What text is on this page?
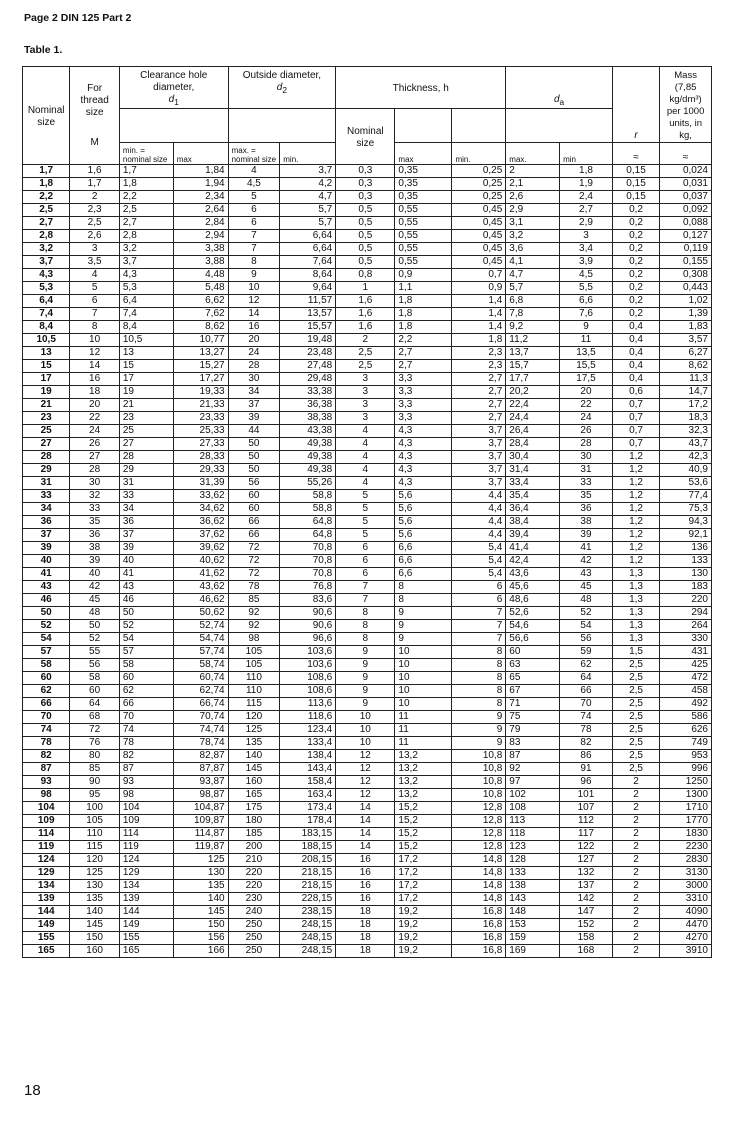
Page 2 DIN 125 Part 2
Table 1.
Nominal size	For thread size
M	Clearance hole diameter,
$d_1$		Outside diameter,
$d_2$		Thickness, h			$d_a$		r	Mass (7,85 kg/dm³) per 1000 units, in kg,
						Nominal size						
		min. = nominal size	max	max. = nominal size	min.		max	min.	max.	min	≈	≈
1,7	1,6	1,7	1,84	4	3,7	0,3	0,35	0,25	2	1,8	0,15	0,024
1,8	1,7	1,8	1,94	4,5	4,2	0,3	0,35	0,25	2,1	1,9	0,15	0,031
2,2	2	2,2	2,34	5	4,7	0,3	0,35	0,25	2,6	2,4	0,15	0,037
2,5	2,3	2,5	2,64	6	5,7	0,5	0,55	0,45	2,9	2,7	0,2	0,092
2,7	2,5	2,7	2,84	6	5,7	0,5	0,55	0,45	3,1	2,9	0,2	0,088
2,8	2,6	2,8	2,94	7	6,64	0,5	0,55	0,45	3,2	3	0,2	0,127
3,2	3	3,2	3,38	7	6,64	0,5	0,55	0,45	3,6	3,4	0,2	0,119
3,7	3,5	3,7	3,88	8	7,64	0,5	0,55	0,45	4,1	3,9	0,2	0,155
4,3	4	4,3	4,48	9	8,64	0,8	0,9	0,7	4,7	4,5	0,2	0,308
5,3	5	5,3	5,48	10	9,64	1	1,1	0,9	5,7	5,5	0,2	0,443
6,4	6	6,4	6,62	12	11,57	1,6	1,8	1,4	6,8	6,6	0,2	1,02
7,4	7	7,4	7,62	14	13,57	1,6	1,8	1,4	7,8	7,6	0,2	1,39
8,4	8	8,4	8,62	16	15,57	1,6	1,8	1,4	9,2	9	0,4	1,83
10,5	10	10,5	10,77	20	19,48	2	2,2	1,8	11,2	11	0,4	3,57
13	12	13	13,27	24	23,48	2,5	2,7	2,3	13,7	13,5	0,4	6,27
15	14	15	15,27	28	27,48	2,5	2,7	2,3	15,7	15,5	0,4	8,62
17	16	17	17,27	30	29,48	3	3,3	2,7	17,7	17,5	0,4	11,3
19	18	19	19,33	34	33,38	3	3,3	2,7	20,2	20	0,6	14,7
21	20	21	21,33	37	36,38	3	3,3	2,7	22,4	22	0,7	17,2
23	22	23	23,33	39	38,38	3	3,3	2,7	24,4	24	0,7	18,3
25	24	25	25,33	44	43,38	4	4,3	3,7	26,4	26	0,7	32,3
27	26	27	27,33	50	49,38	4	4,3	3,7	28,4	28	0,7	43,7
28	27	28	28,33	50	49,38	4	4,3	3,7	30,4	30	1,2	42,3
29	28	29	29,33	50	49,38	4	4,3	3,7	31,4	31	1,2	40,9
31	30	31	31,39	56	55,26	4	4,3	3,7	33,4	33	1,2	53,6
33	32	33	33,62	60	58,8	5	5,6	4,4	35,4	35	1,2	77,4
34	33	34	34,62	60	58,8	5	5,6	4,4	36,4	36	1,2	75,3
36	35	36	36,62	66	64,8	5	5,6	4,4	38,4	38	1,2	94,3
37	36	37	37,62	66	64,8	5	5,6	4,4	39,4	39	1,2	92,1
39	38	39	39,62	72	70,8	6	6,6	5,4	41,4	41	1,2	136
40	39	40	40,62	72	70,8	6	6,6	5,4	42,4	42	1,2	133
41	40	41	41,62	72	70,8	6	6,6	5,4	43,6	43	1,3	130
43	42	43	43,62	78	76,8	7	8	6	45,6	45	1,3	183
46	45	46	46,62	85	83,6	7	8	6	48,6	48	1,3	220
50	48	50	50,62	92	90,6	8	9	7	52,6	52	1,3	294
52	50	52	52,74	92	90,6	8	9	7	54,6	54	1,3	264
54	52	54	54,74	98	96,6	8	9	7	56,6	56	1,3	330
57	55	57	57,74	105	103,6	9	10	8	60	59	1,5	431
58	56	58	58,74	105	103,6	9	10	8	63	62	2,5	425
60	58	60	60,74	110	108,6	9	10	8	65	64	2,5	472
62	60	62	62,74	110	108,6	9	10	8	67	66	2,5	458
66	64	66	66,74	115	113,6	9	10	8	71	70	2,5	492
70	68	70	70,74	120	118,6	10	11	9	75	74	2,5	586
74	72	74	74,74	125	123,4	10	11	9	79	78	2,5	626
78	76	78	78,74	135	133,4	10	11	9	83	82	2,5	749
82	80	82	82,87	140	138,4	12	13,2	10,8	87	86	2,5	953
87	85	87	87,87	145	143,4	12	13,2	10,8	92	91	2,5	996
93	90	93	93,87	160	158,4	12	13,2	10,8	97	96	2	1250
98	95	98	98,87	165	163,4	12	13,2	10,8	102	101	2	1300
104	100	104	104,87	175	173,4	14	15,2	12,8	108	107	2	1710
109	105	109	109,87	180	178,4	14	15,2	12,8	113	112	2	1770
114	110	114	114,87	185	183,15	14	15,2	12,8	118	117	2	1830
119	115	119	119,87	200	188,15	14	15,2	12,8	123	122	2	2230
124	120	124	125	210	208,15	16	17,2	14,8	128	127	2	2830
129	125	129	130	220	218,15	16	17,2	14,8	133	132	2	3130
134	130	134	135	220	218,15	16	17,2	14,8	138	137	2	3000
139	135	139	140	230	228,15	16	17,2	14,8	143	142	2	3310
144	140	144	145	240	238,15	18	19,2	16,8	148	147	2	4090
149	145	149	150	250	248,15	18	19,2	16,8	153	152	2	4470
155	150	155	156	250	248,15	18	19,2	16,8	159	158	2	4270
165	160	165	166	250	248,15	18	19,2	16,8	169	168	2	3910
18
